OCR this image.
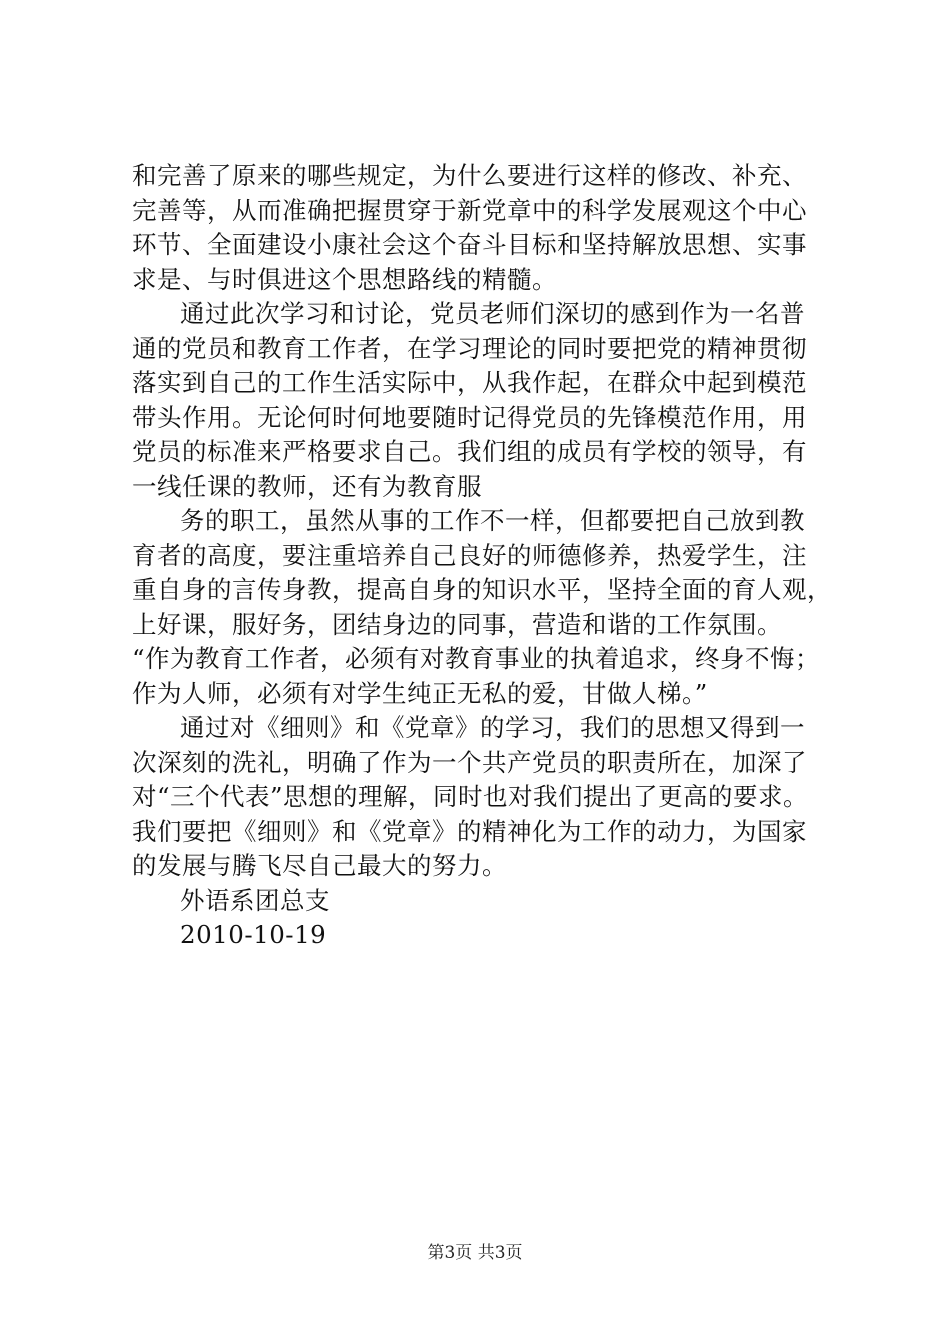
和完善了原来的哪些规定，为什么要进行这样的修改、补充、
完善等，从而准确把握贯穿于新党章中的科学发展观这个中心
环节、全面建设小康社会这个奋斗目标和坚持解放思想、实事
求是、与时俱进这个思想路线的精髓。
通过此次学习和讨论，党员老师们深切的感到作为一名普
通的党员和教育工作者，在学习理论的同时要把党的精神贯彻
落实到自己的工作生活实际中，从我作起，在群众中起到模范
带头作用。无论何时何地要随时记得党员的先锋模范作用，用
党员的标准来严格要求自己。我们组的成员有学校的领导，有
一线任课的教师，还有为教育服
务的职工，虽然从事的工作不一样，但都要把自己放到教
育者的高度，要注重培养自己良好的师德修养，热爱学生，注
重自身的言传身教，提高自身的知识水平，坚持全面的育人观，
上好课，服好务，团结身边的同事，营造和谐的工作氛围。
“作为教育工作者，必须有对教育事业的执着追求，终身不悔；
作为人师，必须有对学生纯正无私的爱，甘做人梯。”
通过对《细则》和《党章》的学习，我们的思想又得到一
次深刻的洗礼，明确了作为一个共产党员的职责所在，加深了
对“三个代表”思想的理解，同时也对我们提出了更高的要求。
我们要把《细则》和《党章》的精神化为工作的动力，为国家
的发展与腾飞尽自己最大的努力。
外语系团总支
2010-10-19
第3页 共3页
